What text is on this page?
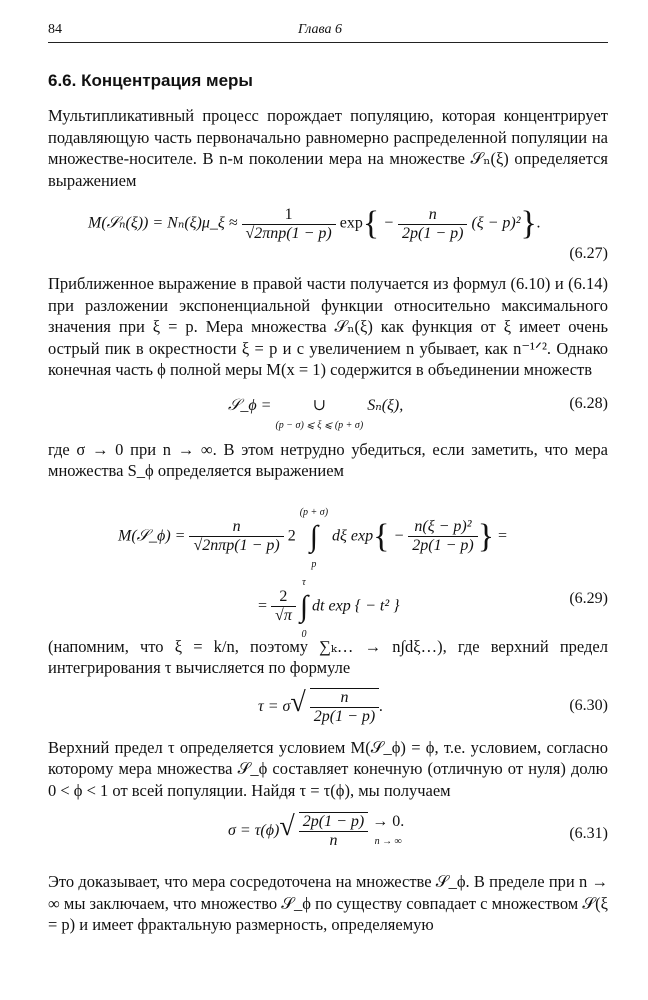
84	Глава 6
6.6. Концентрация меры

Мультипликативный процесс порождает популяцию, которая концентрирует подавляющую часть первоначально равномерно распределенной популяции на множестве-носителе. В n-м поколении мера на множестве 𝒮ₙ(ξ) определяется выражением

M(𝒮ₙ(ξ)) = Nₙ(ξ)μ_ξ ≈ $\frac{1}{\text{√2πnp(1 − p)}} \exp\{ - \frac{n}{2p(1 - p)} (\xi - p)^2\}$.
(6.27)

Приближенное выражение в правой части получается из формул (6.10) и (6.14) при разложении экспоненциальной функции относительно максимального значения при ξ = p. Мера множества 𝒮ₙ(ξ) как функция от ξ имеет очень острый пик в окрестности ξ = p и с увеличением n убывает, как n⁻¹ᐟ². Однако конечная часть ϕ полной меры M(x = 1) содержится в объединении множеств

𝒮_ϕ =	∪
(p − σ) ⩽ ξ ⩽ (p + σ) Sₙ(ξ),	(6.28)

где σ → 0 при n → ∞. В этом нетрудно убедиться, если заметить, что мера множества S_ϕ определяется выражением

M(𝒮_ϕ) = $\frac{n}{\text{√2nπp(1 − p)}} 2$ (p + σ)
∫
p dξ $\exp\{ - \frac{\text{n(ξ − p)²}}{2p(1 - p)}$ } =
= $\frac{2}{√\pi}$
τ
∫
0 dt exp { − t² }	(6.29)

(напомним, что ξ = k/n, поэтому ∑ₖ… → n∫dξ…), где верхний предел интегрирования τ вычисляется по формуле

$\tau = \sigma√ \frac{n}{2p(1 - p)}$ .	(6.30)

Верхний предел τ определяется условием M(𝒮_ϕ) = ϕ, т.е. условием, согласно которому мера множества 𝒮_ϕ составляет конечную (отличную от нуля) долю 0 < ϕ < 1 от всей популяции. Найдя τ = τ(ϕ), мы получаем

$\sigma = \tau(\phi)√ \frac{2p(1 - p)}{n} \to 0$.
n → ∞	(6.31)

Это доказывает, что мера сосредоточена на множестве 𝒮_ϕ. В пределе при n → ∞ мы заключаем, что множество 𝒮_ϕ по существу совпадает с множеством 𝒮(ξ = p) и имеет фрактальную размерность, определяемую
